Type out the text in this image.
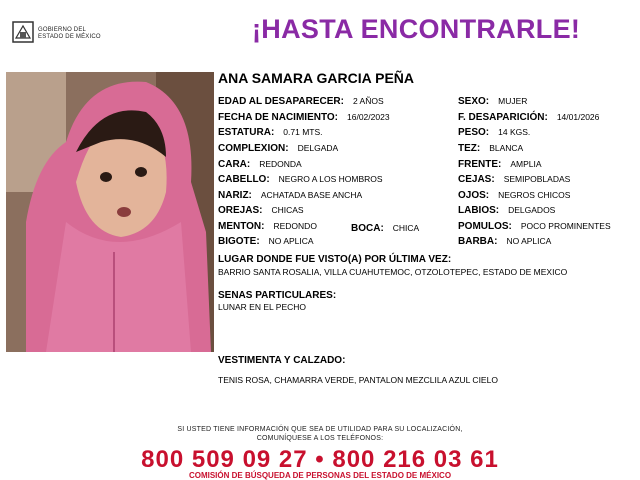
GOBIERNO DEL
ESTADO DE MÉXICO	¡HASTA ENCONTRARLE!
ANA SAMARA GARCIA PEÑA
EDAD AL DESAPARECER: 2 AÑOS
FECHA DE NACIMIENTO: 16/02/2023
ESTATURA: 0.71 MTS.
COMPLEXION: DELGADA
CARA: REDONDA
CABELLO: NEGRO A LOS HOMBROS
NARIZ: ACHATADA BASE ANCHA
OREJAS: CHICAS
MENTON: REDONDO
BIGOTE: NO APLICA
BOCA: CHICA
SEXO: MUJER
F. DESAPARICIÓN: 14/01/2026
PESO: 14 KGS.
TEZ: BLANCA
FRENTE: AMPLIA
CEJAS: SEMIPOBLADAS
OJOS: NEGROS CHICOS
LABIOS: DELGADOS
POMULOS: POCO PROMINENTES
BARBA: NO APLICA
LUGAR DONDE FUE VISTO(A) POR ÚLTIMA VEZ:
BARRIO SANTA ROSALIA, VILLA CUAHUTEMOC, OTZOLOTEPEC, ESTADO DE MEXICO
SENAS PARTICULARES:
LUNAR EN EL PECHO
VESTIMENTA Y CALZADO:
TENIS ROSA, CHAMARRA VERDE, PANTALON MEZCLILA AZUL CIELO
SI USTED TIENE INFORMACIÓN QUE SEA DE UTILIDAD PARA SU LOCALIZACIÓN,
COMUNÍQUESE A LOS TELÉFONOS:
800 509 09 27 • 800 216 03 61
COMISIÓN DE BÚSQUEDA DE PERSONAS DEL ESTADO DE MÉXICO
